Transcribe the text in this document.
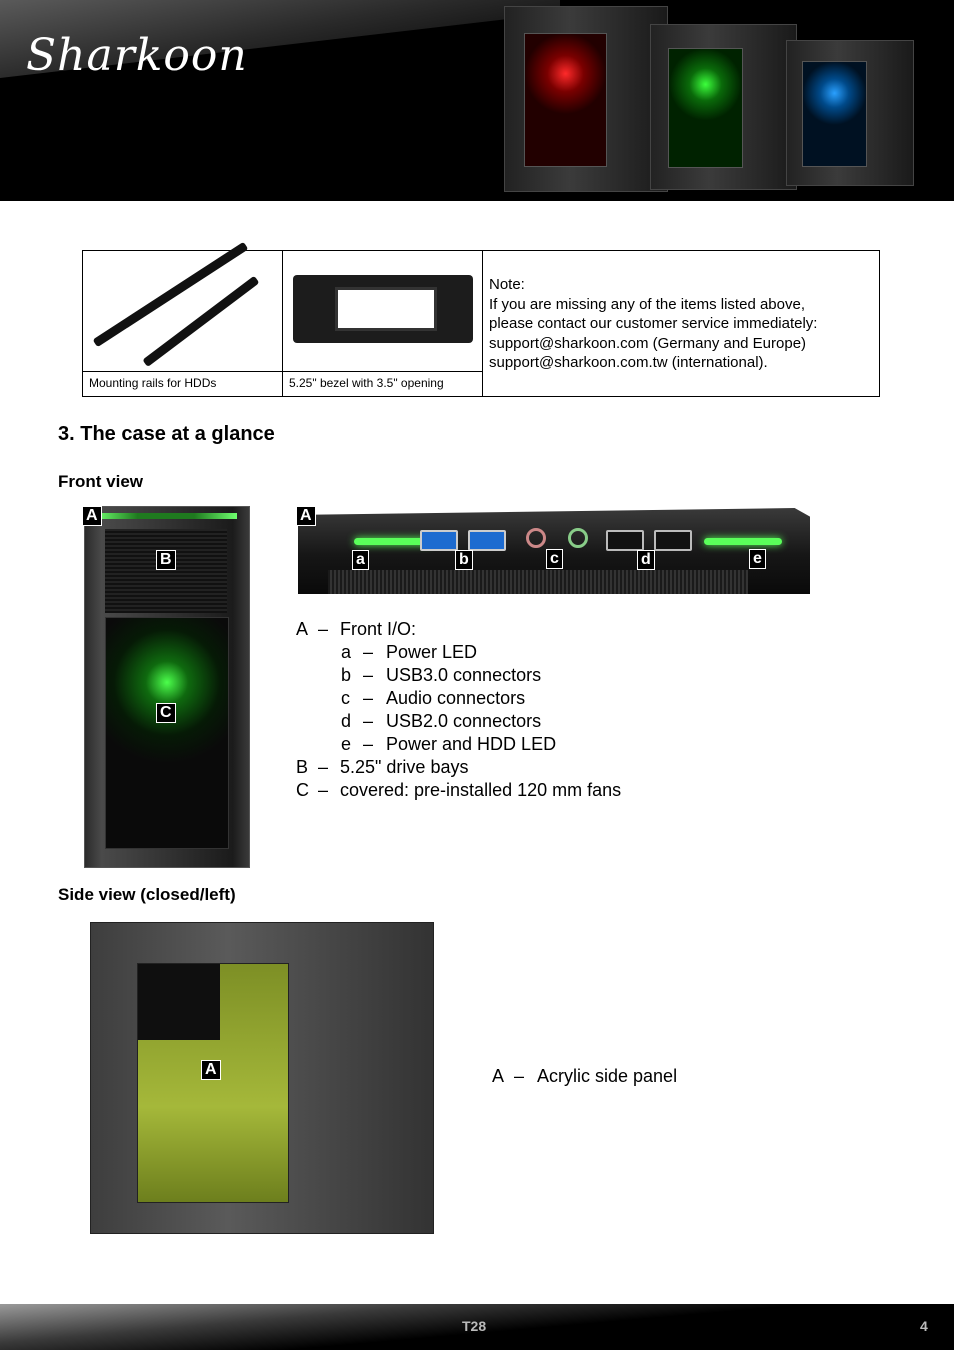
Sharkoon

		Note:
If you are missing any of the items listed above,
please contact our customer service immediately:
support@sharkoon.com (Germany and Europe)
support@sharkoon.com.tw (international).

Mounting rails for HDDs	5.25" bezel with 3.5" opening	
3. The case at a glance
Front view
A
B
C
A
a	b	c	d	e
A – Front I/O:
a – Power LED
b – USB3.0 connectors
c – Audio connectors
d – USB2.0 connectors
e – Power and HDD LED
B – 5.25" drive bays
C – covered: pre-installed 120 mm fans
Side view (closed/left)
A	A – Acrylic side panel
T28	4
